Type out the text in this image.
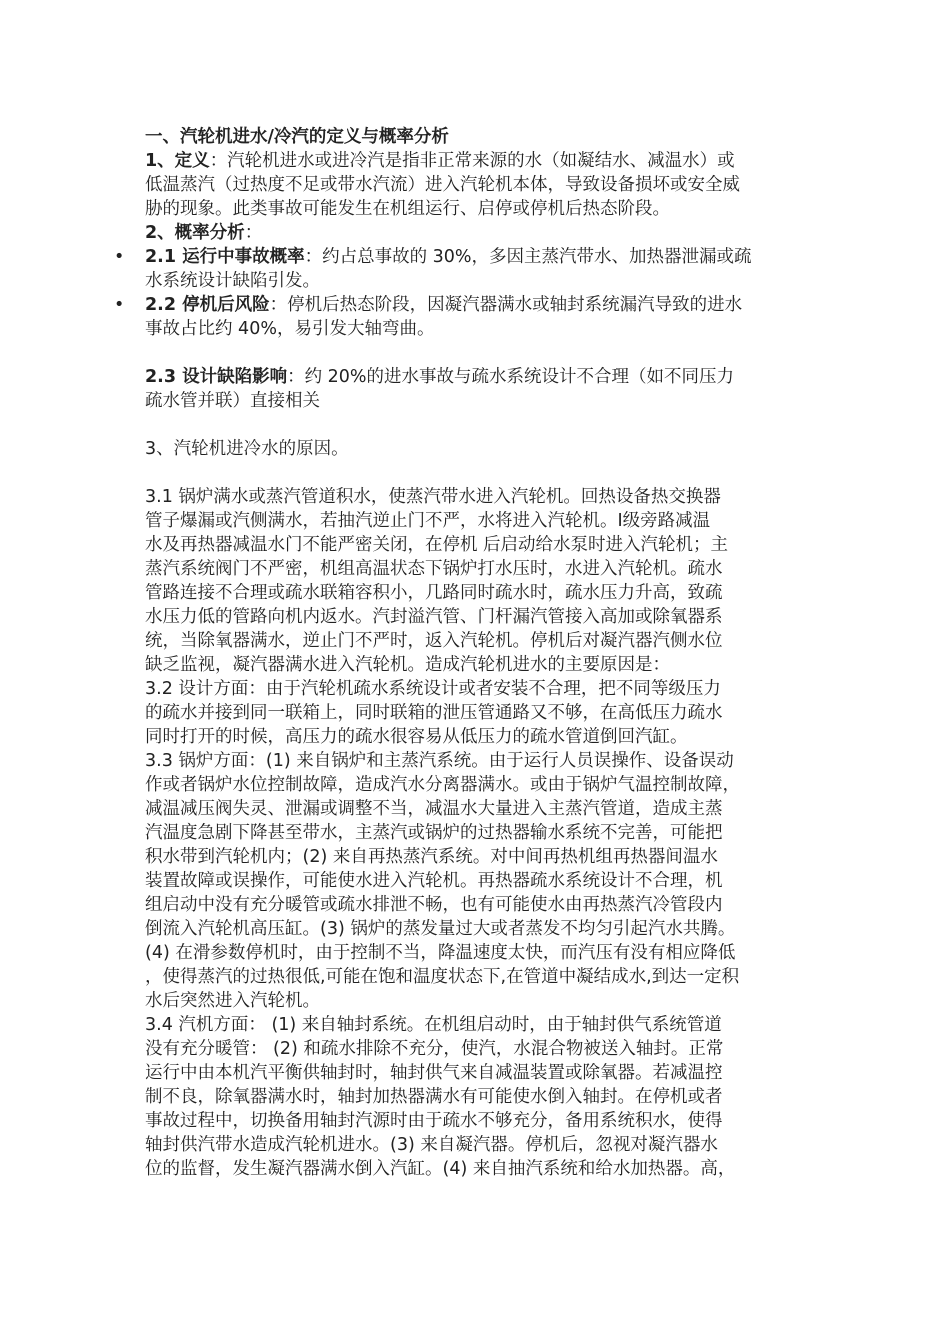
一、汽轮机进水/冷汽的定义与概率分析
1、定义：汽轮机进水或进冷汽是指非正常来源的水（如凝结水、减温水）或
低温蒸汽（过热度不足或带水汽流）进入汽轮机本体，导致设备损坏或安全威
胁的现象。此类事故可能发生在机组运行、启停或停机后热态阶段。
2、概率分析：
• 2.1 运行中事故概率：约占总事故的 30%，多因主蒸汽带水、加热器泄漏或疏
水系统设计缺陷引发。
• 2.2 停机后风险：停机后热态阶段，因凝汽器满水或轴封系统漏汽导致的进水
事故占比约 40%，易引发大轴弯曲。
2.3 设计缺陷影响：约 20%的进水事故与疏水系统设计不合理（如不同压力
疏水管并联）直接相关
3、汽轮机进冷水的原因。
3.1 锅炉满水或蒸汽管道积水，使蒸汽带水进入汽轮机。回热设备热交换器
管子爆漏或汽侧满水，若抽汽逆止门不严，水将进入汽轮机。Ⅰ级旁路减温
水及再热器减温水门不能严密关闭，在停机 后启动给水泵时进入汽轮机；主
蒸汽系统阀门不严密，机组高温状态下锅炉打水压时，水进入汽轮机。疏水
管路连接不合理或疏水联箱容积小，几路同时疏水时，疏水压力升高，致疏
水压力低的管路向机内返水。汽封溢汽管、门杆漏汽管接入高加或除氧器系
统，当除氧器满水，逆止门不严时，返入汽轮机。停机后对凝汽器汽侧水位
缺乏监视，凝汽器满水进入汽轮机。造成汽轮机进水的主要原因是：
3.2 设计方面：由于汽轮机疏水系统设计或者安装不合理，把不同等级压力
的疏水并接到同一联箱上，同时联箱的泄压管通路又不够，在高低压力疏水
同时打开的时候，高压力的疏水很容易从低压力的疏水管道倒回汽缸。
3.3 锅炉方面：(1) 来自锅炉和主蒸汽系统。由于运行人员误操作、设备误动
作或者锅炉水位控制故障，造成汽水分离器满水。或由于锅炉气温控制故障，
减温减压阀失灵、泄漏或调整不当，减温水大量进入主蒸汽管道，造成主蒸
汽温度急剧下降甚至带水，主蒸汽或锅炉的过热器输水系统不完善，可能把
积水带到汽轮机内；(2) 来自再热蒸汽系统。对中间再热机组再热器间温水
装置故障或误操作，可能使水进入汽轮机。再热器疏水系统设计不合理，机
组启动中没有充分暖管或疏水排泄不畅，也有可能使水由再热蒸汽冷管段内
倒流入汽轮机高压缸。(3) 锅炉的蒸发量过大或者蒸发不均匀引起汽水共腾。
(4) 在滑参数停机时，由于控制不当，降温速度太快，而汽压有没有相应降低
，使得蒸汽的过热很低,可能在饱和温度状态下,在管道中凝结成水,到达一定积
水后突然进入汽轮机。
3.4 汽机方面： (1) 来自轴封系统。在机组启动时，由于轴封供气系统管道
没有充分暖管： (2) 和疏水排除不充分，使汽，水混合物被送入轴封。正常
运行中由本机汽平衡供轴封时，轴封供气来自减温装置或除氧器。若减温控
制不良，除氧器满水时，轴封加热器满水有可能使水倒入轴封。在停机或者
事故过程中，切换备用轴封汽源时由于疏水不够充分，备用系统积水，使得
轴封供汽带水造成汽轮机进水。(3) 来自凝汽器。停机后，忽视对凝汽器水
位的监督，发生凝汽器满水倒入汽缸。(4) 来自抽汽系统和给水加热器。高，
